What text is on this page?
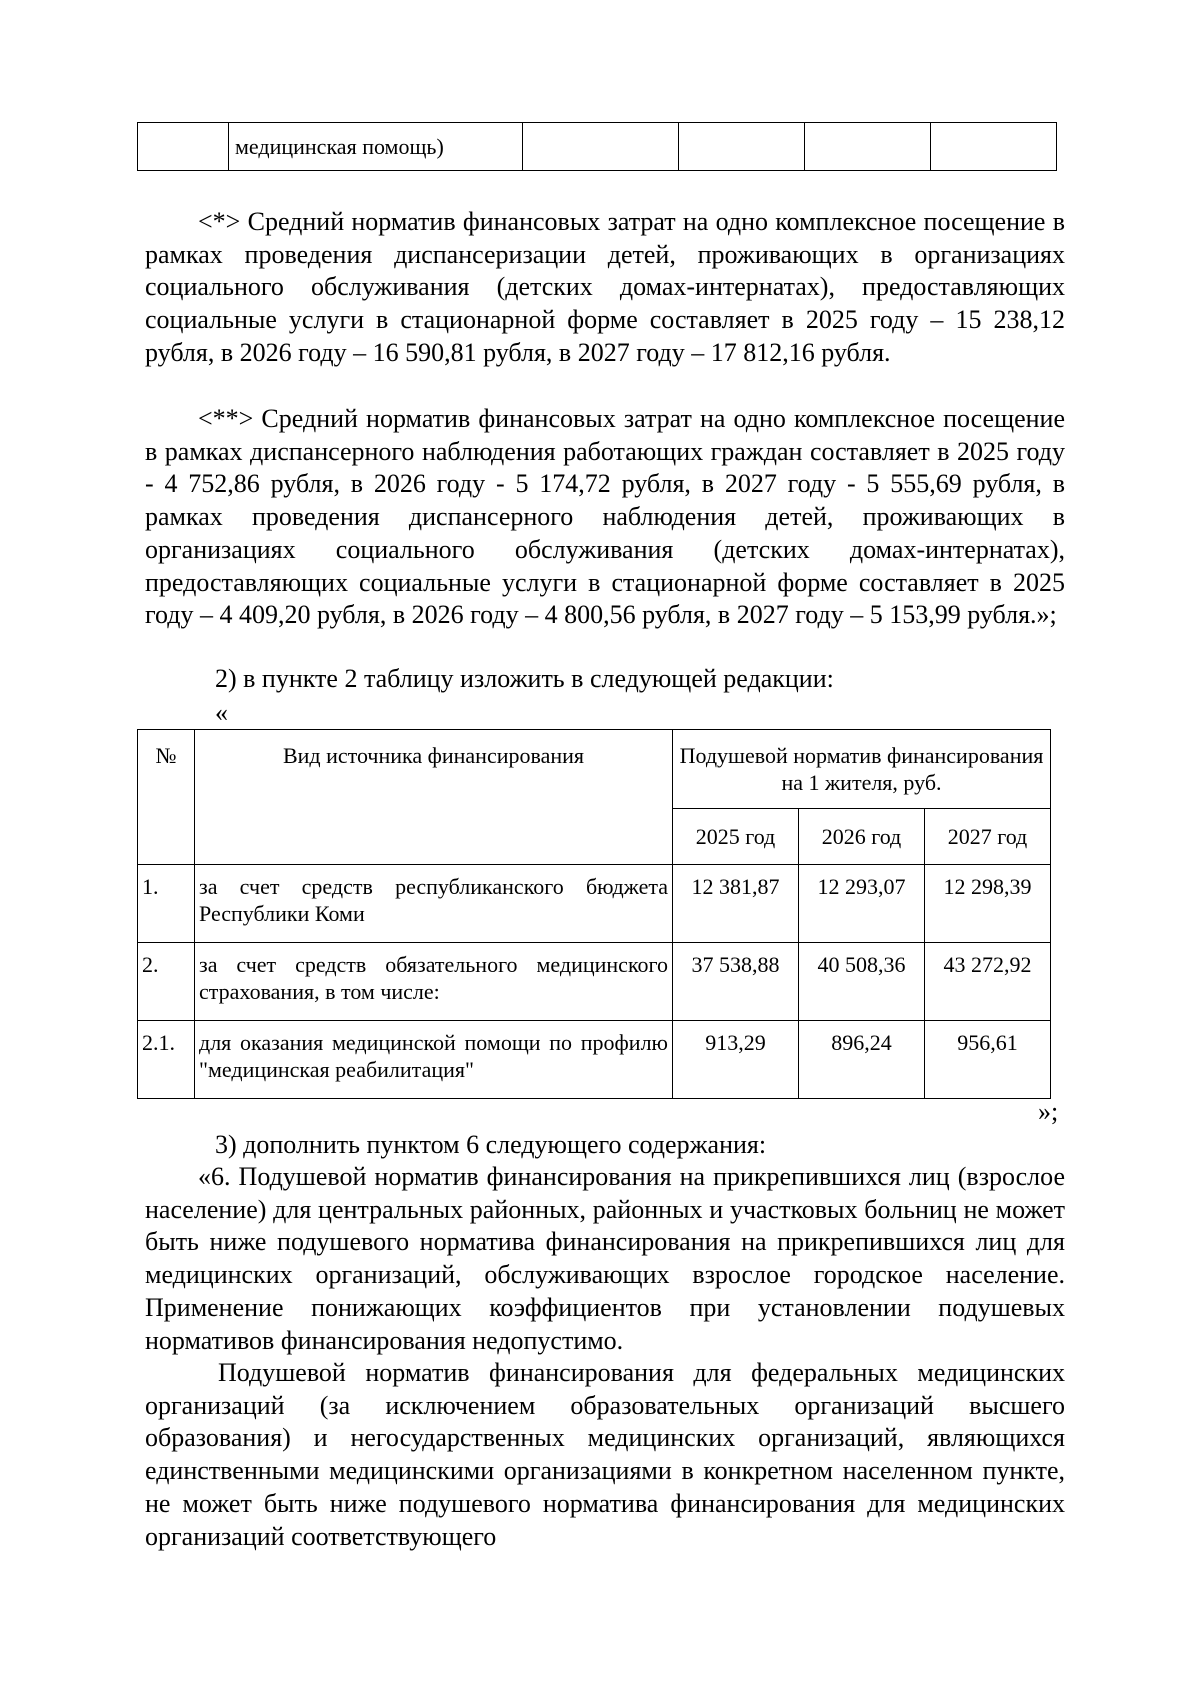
	медицинская помощь)				
<*> Средний норматив финансовых затрат на одно комплексное посещение в рамках проведения диспансеризации детей, проживающих в организациях социального обслуживания (детских домах-интернатах), предоставляющих социальные услуги в стационарной форме составляет в 2025 году – 15 238,12 рубля, в 2026 году – 16 590,81 рубля, в 2027 году – 17 812,16 рубля.
<**> Средний норматив финансовых затрат на одно комплексное посещение в рамках диспансерного наблюдения работающих граждан составляет в 2025 году - 4 752,86 рубля, в 2026 году - 5 174,72 рубля, в 2027 году - 5 555,69 рубля, в рамках проведения диспансерного наблюдения детей, проживающих в организациях социального обслуживания (детских домах-интернатах), предоставляющих социальные услуги в стационарной форме составляет в 2025 году – 4 409,20 рубля, в 2026 году – 4 800,56 рубля, в 2027 году – 5 153,99 рубля.»;
2) в пункте 2 таблицу изложить в следующей редакции:
«
№	Вид источника финансирования	Подушевой норматив финансирования на 1 жителя, руб.		
		2025 год	2026 год	2027 год
1.	за счет средств республиканского бюджета Республики Коми	12 381,87	12 293,07	12 298,39
2.	за счет средств обязательного медицинского страхования, в том числе:	37 538,88	40 508,36	43 272,92
2.1.	для оказания медицинской помощи по профилю "медицинская реабилитация"	913,29	896,24	956,61
»;
3) дополнить пунктом 6 следующего содержания:
«6. Подушевой норматив финансирования на прикрепившихся лиц (взрослое население) для центральных районных, районных и участковых больниц не может быть ниже подушевого норматива финансирования на прикрепившихся лиц для медицинских организаций, обслуживающих взрослое городское население. Применение понижающих коэффициентов при установлении подушевых нормативов финансирования недопустимо.
Подушевой норматив финансирования для федеральных медицинских организаций (за исключением образовательных организаций высшего образования) и негосударственных медицинских организаций, являющихся единственными медицинскими организациями в конкретном населенном пункте, не может быть ниже подушевого норматива финансирования для медицинских организаций соответствующего
